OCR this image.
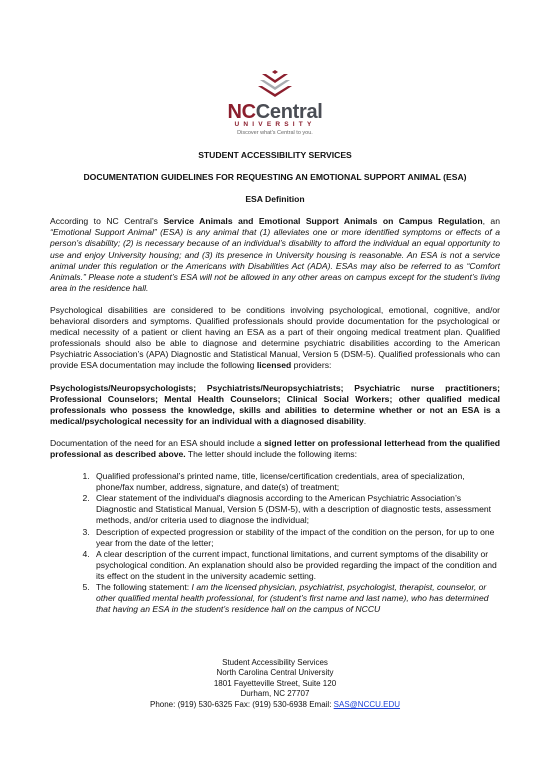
NCCentral
UNIVERSITY
Discover what's Central to you.
STUDENT ACCESSIBILITY SERVICES
DOCUMENTATION GUIDELINES FOR REQUESTING AN EMOTIONAL SUPPORT ANIMAL (ESA)
ESA Definition

According to NC Central’s Service Animals and Emotional Support Animals on Campus Regulation, an “Emotional Support Animal” (ESA) is any animal that (1) alleviates one or more identified symptoms or effects of a person’s disability; (2) is necessary because of an individual’s disability to afford the individual an equal opportunity to use and enjoy University housing; and (3) its presence in University housing is reasonable. An ESA is not a service animal under this regulation or the Americans with Disabilities Act (ADA). ESAs may also be referred to as “Comfort Animals.” Please note a student’s ESA will not be allowed in any other areas on campus except for the student’s living area in the residence hall.

Psychological disabilities are considered to be conditions involving psychological, emotional, cognitive, and/or behavioral disorders and symptoms. Qualified professionals should provide documentation for the psychological or medical necessity of a patient or client having an ESA as a part of their ongoing medical treatment plan. Qualified professionals should also be able to diagnose and determine psychiatric disabilities according to the American Psychiatric Association’s (APA) Diagnostic and Statistical Manual, Version 5 (DSM-5). Qualified professionals who can provide ESA documentation may include the following licensed providers:

Psychologists/Neuropsychologists; Psychiatrists/Neuropsychiatrists; Psychiatric nurse practitioners; Professional Counselors; Mental Health Counselors; Clinical Social Workers; other qualified medical professionals who possess the knowledge, skills and abilities to determine whether or not an ESA is a medical/psychological necessity for an individual with a diagnosed disability.

Documentation of the need for an ESA should include a signed letter on professional letterhead from the qualified professional as described above. The letter should include the following items:

1. Qualified professional’s printed name, title, license/certification credentials, area of specialization, phone/fax number, address, signature, and date(s) of treatment;
2. Clear statement of the individual's diagnosis according to the American Psychiatric Association’s Diagnostic and Statistical Manual, Version 5 (DSM-5), with a description of diagnostic tests, assessment methods, and/or criteria used to diagnose the individual;
3. Description of expected progression or stability of the impact of the condition on the person, for up to one year from the date of the letter;
4. A clear description of the current impact, functional limitations, and current symptoms of the disability or psychological condition. An explanation should also be provided regarding the impact of the condition and its effect on the student in the university academic setting.
5. The following statement: I am the licensed physician, psychiatrist, psychologist, therapist, counselor, or other qualified mental health professional, for (student’s first name and last name), who has determined that having an ESA in the student’s residence hall on the campus of NCCU
Student Accessibility Services
North Carolina Central University
1801 Fayetteville Street, Suite 120
Durham, NC 27707
Phone: (919) 530-6325 Fax: (919) 530-6938 Email: SAS@NCCU.EDU
